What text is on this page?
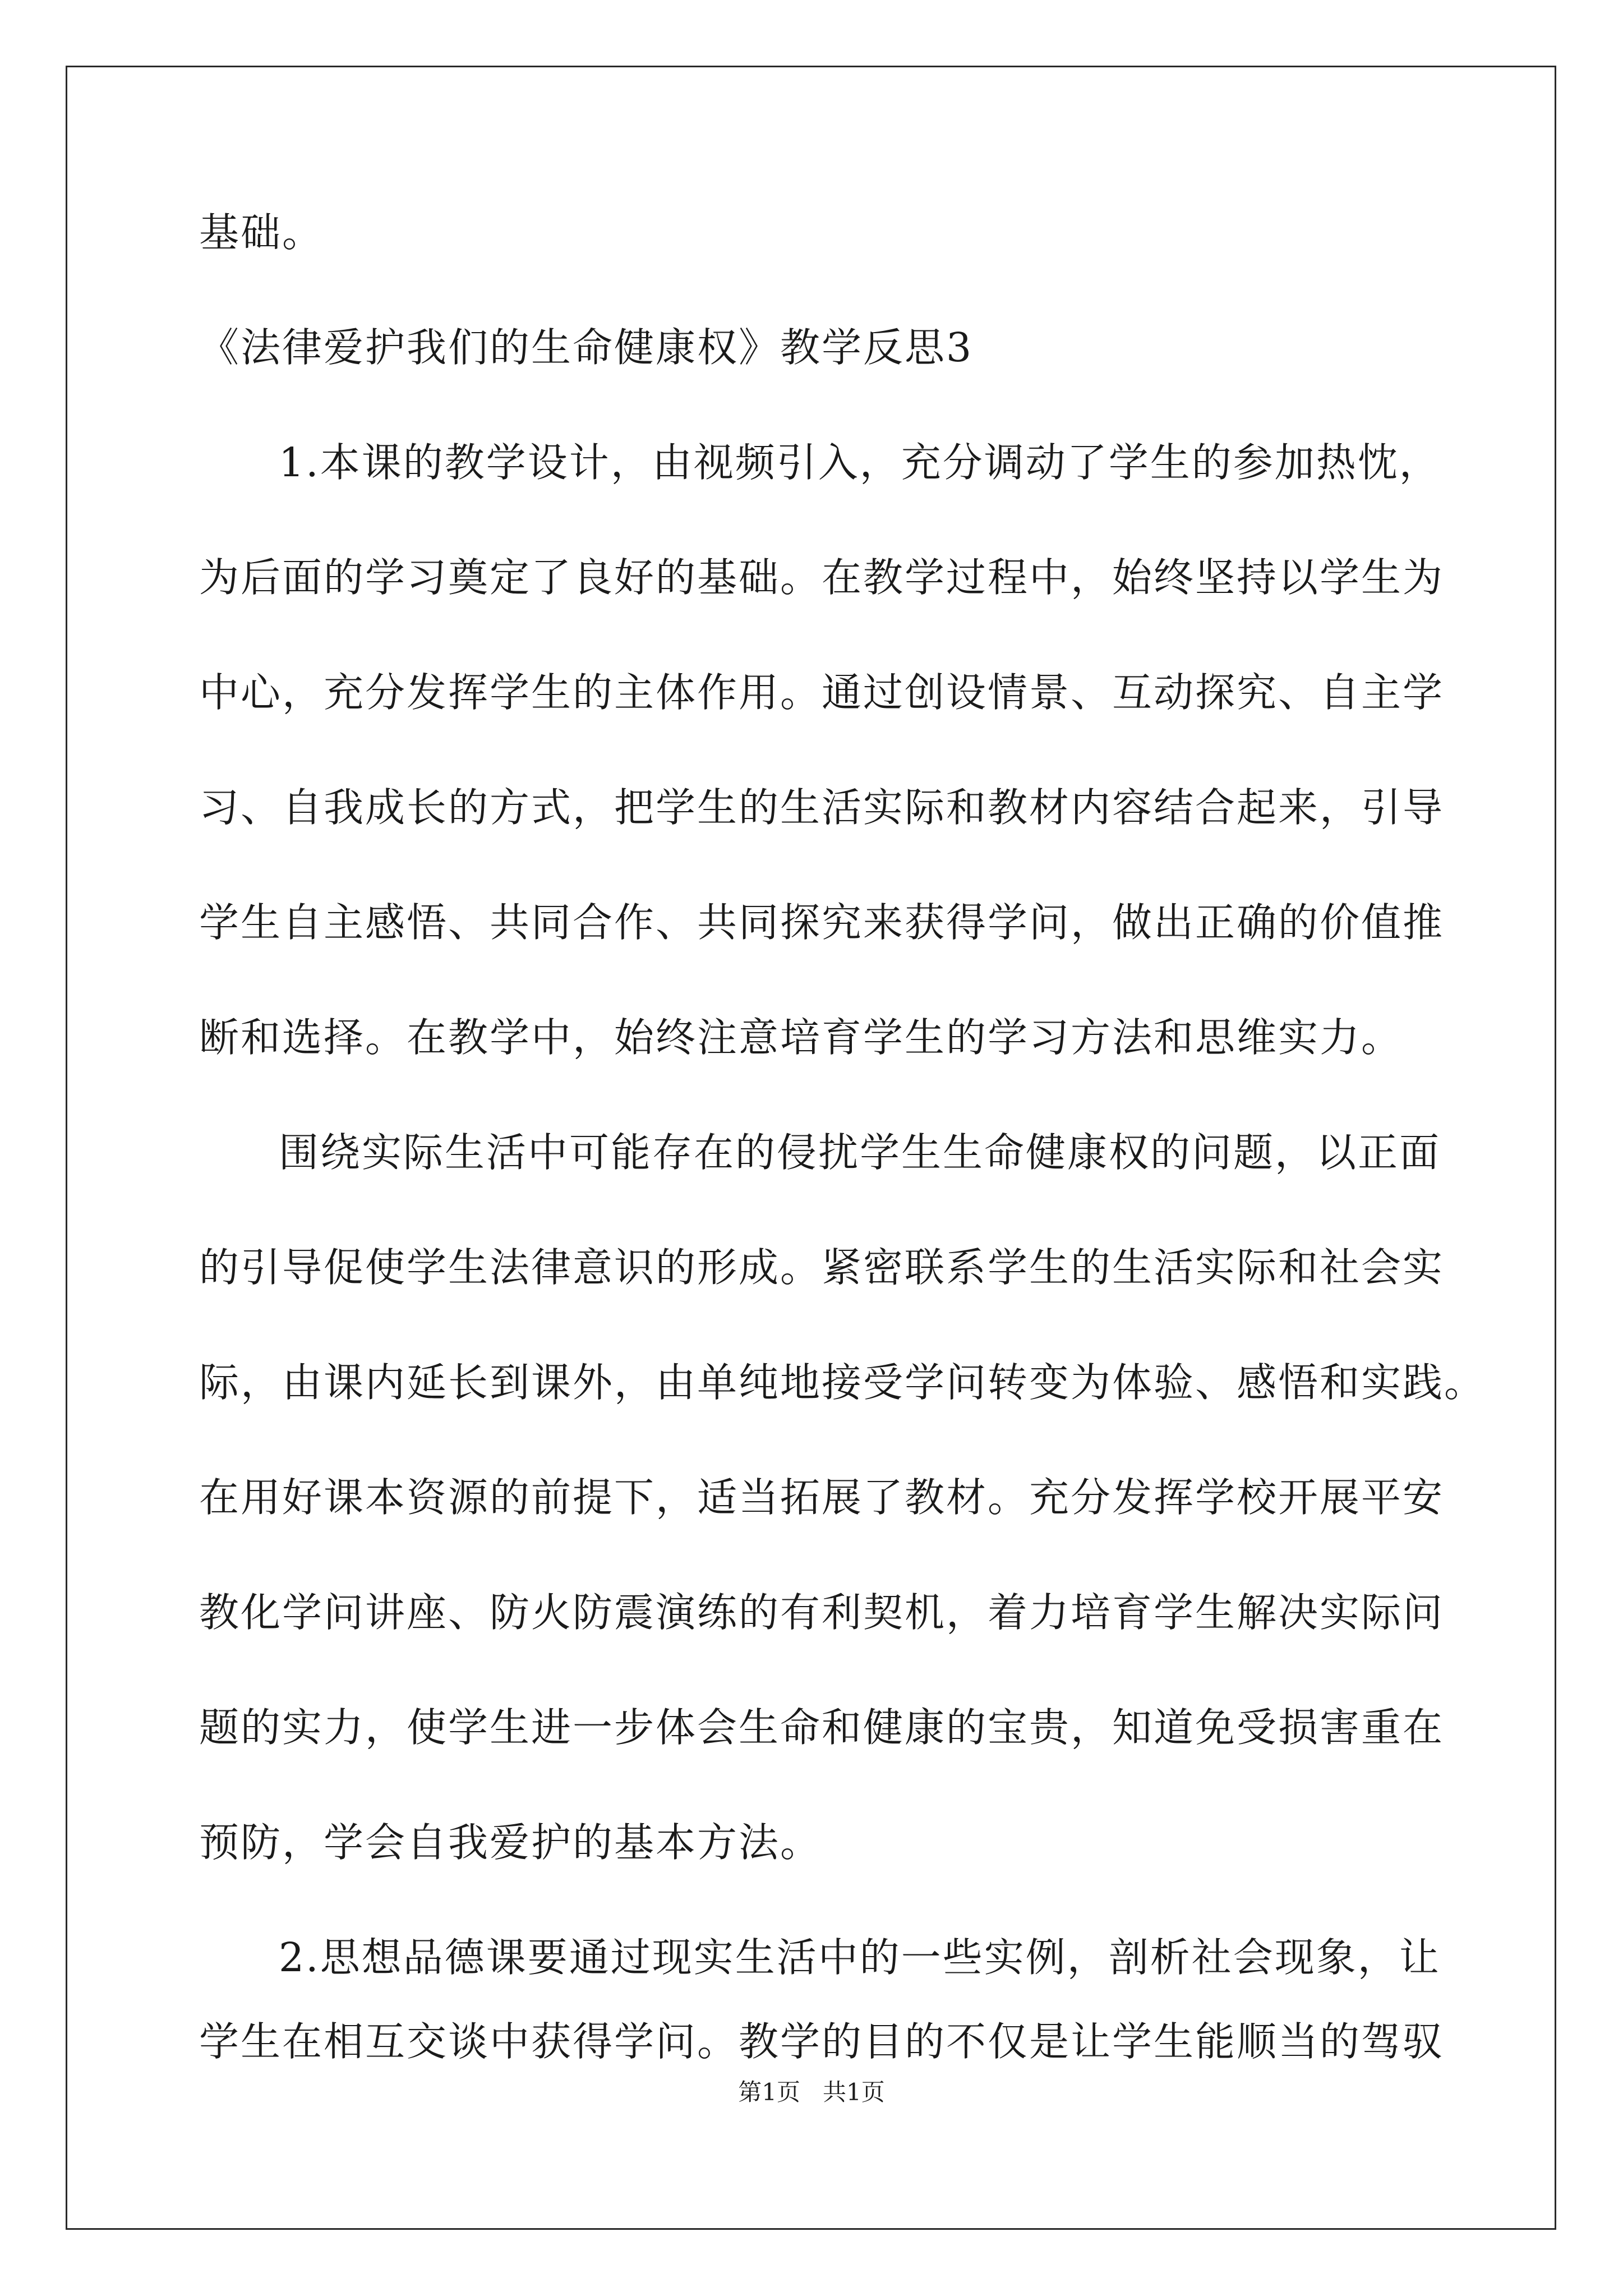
基础。
《法律爱护我们的生命健康权》教学反思3
1.本课的教学设计，由视频引入，充分调动了学生的参加热忱，
为后面的学习奠定了良好的基础。在教学过程中，始终坚持以学生为
中心，充分发挥学生的主体作用。通过创设情景、互动探究、自主学
习、自我成长的方式，把学生的生活实际和教材内容结合起来，引导
学生自主感悟、共同合作、共同探究来获得学问，做出正确的价值推
断和选择。在教学中，始终注意培育学生的学习方法和思维实力。
围绕实际生活中可能存在的侵扰学生生命健康权的问题，以正面
的引导促使学生法律意识的形成。紧密联系学生的生活实际和社会实
际，由课内延长到课外，由单纯地接受学问转变为体验、感悟和实践。
在用好课本资源的前提下，适当拓展了教材。充分发挥学校开展平安
教化学问讲座、防火防震演练的有利契机，着力培育学生解决实际问
题的实力，使学生进一步体会生命和健康的宝贵，知道免受损害重在
预防，学会自我爱护的基本方法。
2.思想品德课要通过现实生活中的一些实例，剖析社会现象，让
学生在相互交谈中获得学问。教学的目的不仅是让学生能顺当的驾驭
第1页   共1页
